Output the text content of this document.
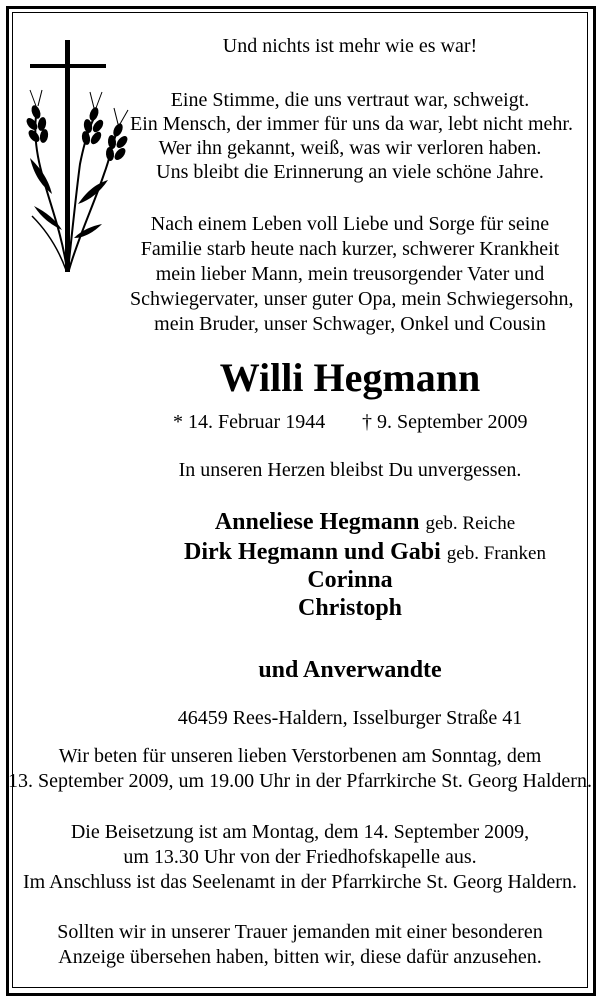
Und nichts ist mehr wie es war!
Eine Stimme, die uns vertraut war, schweigt.
Ein Mensch, der immer für uns da war, lebt nicht mehr.
Wer ihn gekannt, weiß, was wir verloren haben.
Uns bleibt die Erinnerung an viele schöne Jahre.
Nach einem Leben voll Liebe und Sorge für seine
Familie starb heute nach kurzer, schwerer Krankheit
mein lieber Mann, mein treusorgender Vater und
Schwiegervater, unser guter Opa, mein Schwiegersohn,
mein Bruder, unser Schwager, Onkel und Cousin
Willi Hegmann
* 14. Februar 1944 † 9. September 2009
In unseren Herzen bleibst Du unvergessen.
Anneliese Hegmann geb. Reiche
Dirk Hegmann und Gabi geb. Franken
Corinna
Christoph
und Anverwandte
46459 Rees-Haldern, Isselburger Straße 41
Wir beten für unseren lieben Verstorbenen am Sonntag, dem
13. September 2009, um 19.00 Uhr in der Pfarrkirche St. Georg Haldern.
Die Beisetzung ist am Montag, dem 14. September 2009,
um 13.30 Uhr von der Friedhofskapelle aus.
Im Anschluss ist das Seelenamt in der Pfarrkirche St. Georg Haldern.
Sollten wir in unserer Trauer jemanden mit einer besonderen
Anzeige übersehen haben, bitten wir, diese dafür anzusehen.
